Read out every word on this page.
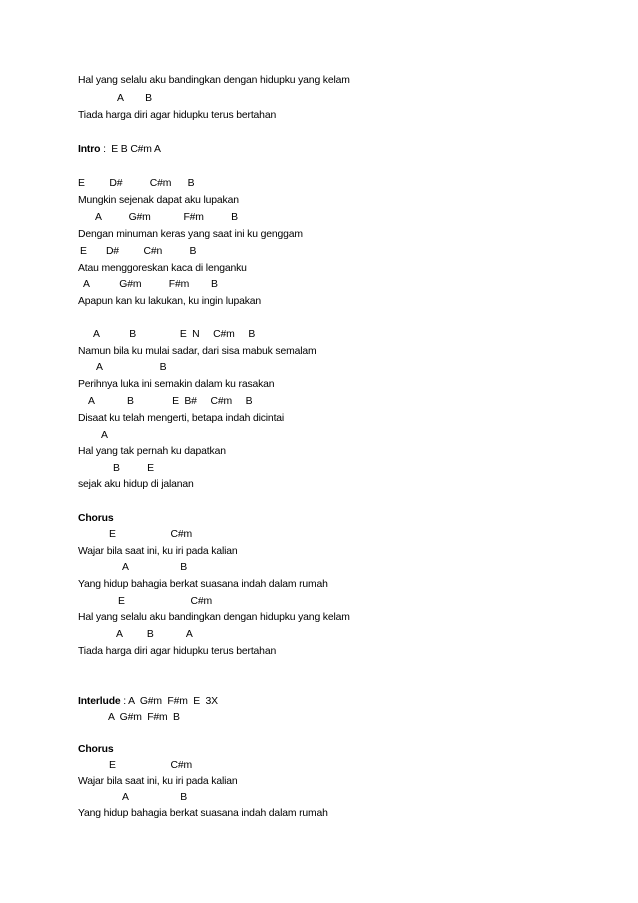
Hal yang selalu aku bandingkan dengan hidupku yang kelam

A        B

Tiada harga diri agar hidupku terus bertahan

Intro :  E B C#m A

E         D#          C#m      B

Mungkin sejenak dapat aku lupakan

A          G#m            F#m          B

Dengan minuman keras yang saat ini ku genggam

E       D#         C#n          B

Atau menggoreskan kaca di lenganku

A           G#m          F#m        B

Apapun kan ku lakukan, ku ingin lupakan

A           B                E  N     C#m     B

Namun bila ku mulai sadar, dari sisa mabuk semalam

A                     B

Perihnya luka ini semakin dalam ku rasakan

A            B              E  B#     C#m     B

Disaat ku telah mengerti, betapa indah dicintai

A

Hal yang tak pernah ku dapatkan

B          E

sejak aku hidup di jalanan

Chorus

E                    C#m

Wajar bila saat ini, ku iri pada kalian

A                   B

Yang hidup bahagia berkat suasana indah dalam rumah

E                        C#m

Hal yang selalu aku bandingkan dengan hidupku yang kelam

A         B            A

Tiada harga diri agar hidupku terus bertahan

Interlude : A  G#m  F#m  E  3X

A  G#m  F#m  B

Chorus

E                    C#m

Wajar bila saat ini, ku iri pada kalian

A                   B

Yang hidup bahagia berkat suasana indah dalam rumah
